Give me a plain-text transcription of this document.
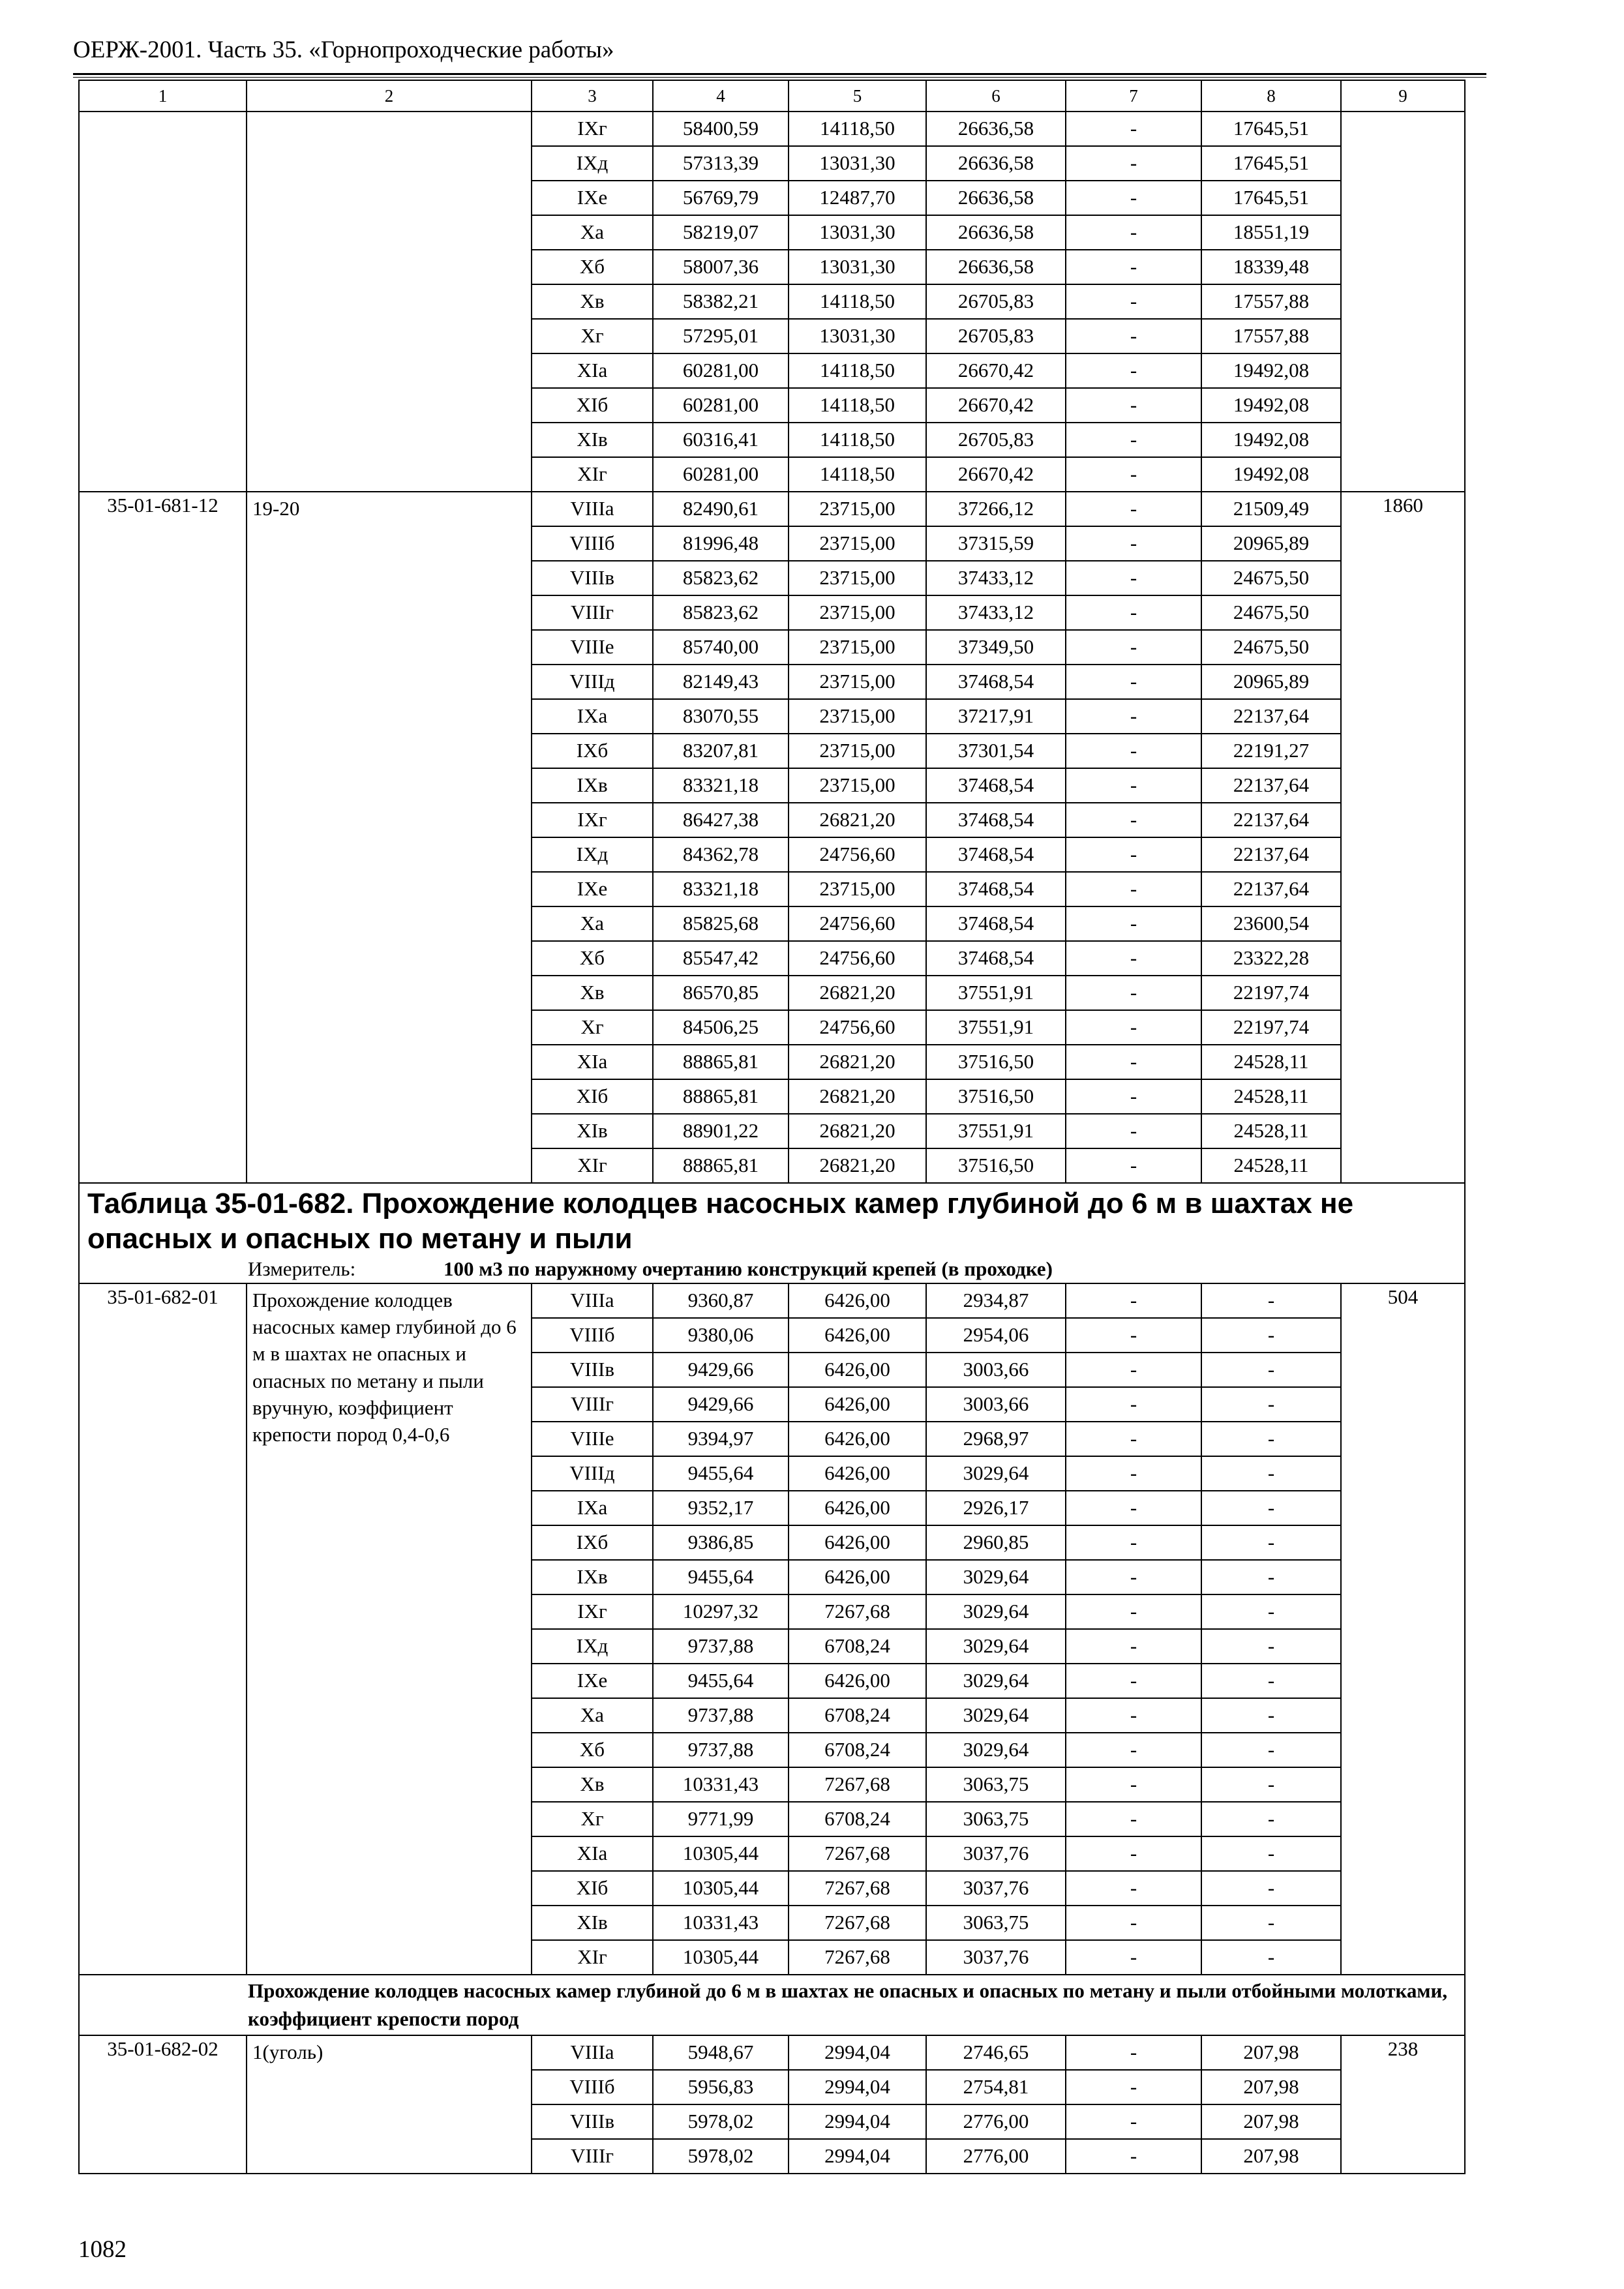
ОЕРЖ-2001. Часть 35. «Горнопроходческие работы»
1	2	3	4	5	6	7	8	9
		IXг	58400,59	14118,50	26636,58	-	17645,51	
		IXд	57313,39	13031,30	26636,58	-	17645,51	
		IXе	56769,79	12487,70	26636,58	-	17645,51	
		Xа	58219,07	13031,30	26636,58	-	18551,19	
		Xб	58007,36	13031,30	26636,58	-	18339,48	
		Xв	58382,21	14118,50	26705,83	-	17557,88	
		Xг	57295,01	13031,30	26705,83	-	17557,88	
		XIа	60281,00	14118,50	26670,42	-	19492,08	
		XIб	60281,00	14118,50	26670,42	-	19492,08	
		XIв	60316,41	14118,50	26705,83	-	19492,08	
		XIг	60281,00	14118,50	26670,42	-	19492,08	
35-01-681-12	19-20	VIIIа	82490,61	23715,00	37266,12	-	21509,49	1860
		VIIIб	81996,48	23715,00	37315,59	-	20965,89	
		VIIIв	85823,62	23715,00	37433,12	-	24675,50	
		VIIIг	85823,62	23715,00	37433,12	-	24675,50	
		VIIIе	85740,00	23715,00	37349,50	-	24675,50	
		VIIIд	82149,43	23715,00	37468,54	-	20965,89	
		IXа	83070,55	23715,00	37217,91	-	22137,64	
		IXб	83207,81	23715,00	37301,54	-	22191,27	
		IXв	83321,18	23715,00	37468,54	-	22137,64	
		IXг	86427,38	26821,20	37468,54	-	22137,64	
		IXд	84362,78	24756,60	37468,54	-	22137,64	
		IXе	83321,18	23715,00	37468,54	-	22137,64	
		Xа	85825,68	24756,60	37468,54	-	23600,54	
		Xб	85547,42	24756,60	37468,54	-	23322,28	
		Xв	86570,85	26821,20	37551,91	-	22197,74	
		Xг	84506,25	24756,60	37551,91	-	22197,74	
		XIа	88865,81	26821,20	37516,50	-	24528,11	
		XIб	88865,81	26821,20	37516,50	-	24528,11	
		XIв	88901,22	26821,20	37551,91	-	24528,11	
		XIг	88865,81	26821,20	37516,50	-	24528,11	

Таблица 35-01-682. Прохождение колодцев насосных камер глубиной до 6 м в шахтах не опасных и опасных по метану и пыли
Измеритель: 100 м3 по наружному очертанию конструкций крепей (в проходке)								

35-01-682-01	Прохождение колодцев насосных камер глубиной до 6 м в шахтах не опасных и опасных по метану и пыли вручную, коэффициент крепости пород 0,4-0,6	VIIIа	9360,87	6426,00	2934,87	-	-	504
		VIIIб	9380,06	6426,00	2954,06	-	-	
		VIIIв	9429,66	6426,00	3003,66	-	-	
		VIIIг	9429,66	6426,00	3003,66	-	-	
		VIIIе	9394,97	6426,00	2968,97	-	-	
		VIIIд	9455,64	6426,00	3029,64	-	-	
		IXа	9352,17	6426,00	2926,17	-	-	
		IXб	9386,85	6426,00	2960,85	-	-	
		IXв	9455,64	6426,00	3029,64	-	-	
		IXг	10297,32	7267,68	3029,64	-	-	
		IXд	9737,88	6708,24	3029,64	-	-	
		IXе	9455,64	6426,00	3029,64	-	-	
		Xа	9737,88	6708,24	3029,64	-	-	
		Xб	9737,88	6708,24	3029,64	-	-	
		Xв	10331,43	7267,68	3063,75	-	-	
		Xг	9771,99	6708,24	3063,75	-	-	
		XIа	10305,44	7267,68	3037,76	-	-	
		XIб	10305,44	7267,68	3037,76	-	-	
		XIв	10331,43	7267,68	3063,75	-	-	
		XIг	10305,44	7267,68	3037,76	-	-	

Прохождение колодцев насосных камер глубиной до 6 м в шахтах не опасных и опасных по метану и пыли отбойными молотками, коэффициент крепости пород								

35-01-682-02	1(уголь)	VIIIа	5948,67	2994,04	2746,65	-	207,98	238
		VIIIб	5956,83	2994,04	2754,81	-	207,98	
		VIIIв	5978,02	2994,04	2776,00	-	207,98	
		VIIIг	5978,02	2994,04	2776,00	-	207,98	
1082
